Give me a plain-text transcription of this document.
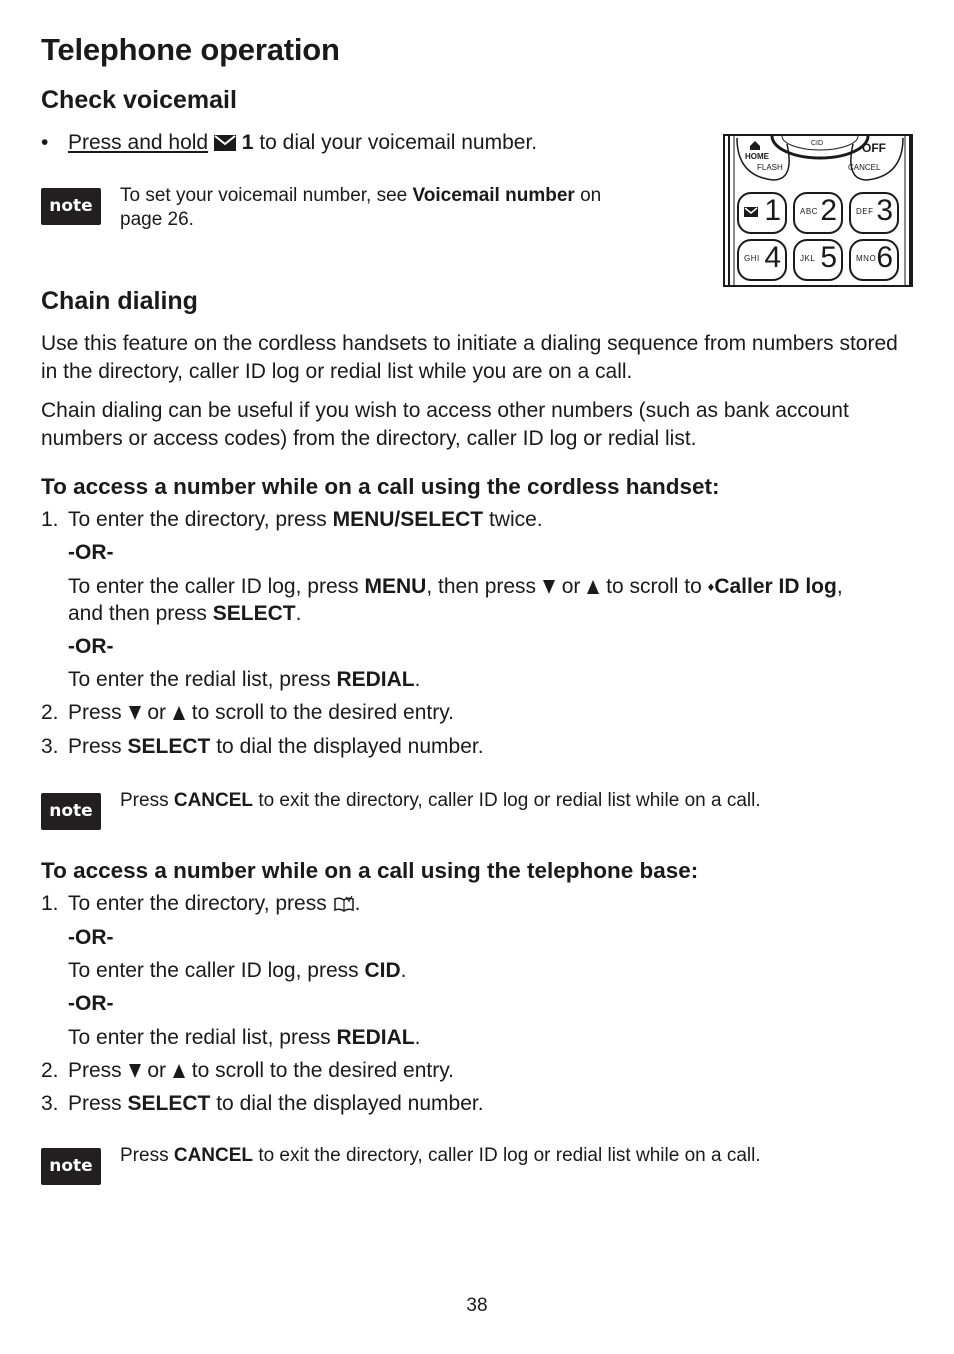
Telephone operation
Check voicemail
• Press and hold 1 to dial your voicemail number.
note	To set your voicemail number, see Voicemail number on
page 26.
HOME
FLASH
CID	OFF
CANCEL
1 ABC 2 DEF 3
GHI 4 JKL 5 MNO 6
Chain dialing
Use this feature on the cordless handsets to initiate a dialing sequence from numbers stored in the directory, caller ID log or redial list while you are on a call.
Chain dialing can be useful if you wish to access other numbers (such as bank account numbers or access codes) from the directory, caller ID log or redial list.
To access a number while on a call using the cordless handset:
1. To enter the directory, press MENU/SELECT twice.
-OR-
To enter the caller ID log, press MENU, then press or to scroll to ♦Caller ID log,
and then press SELECT.
-OR-
To enter the redial list, press REDIAL.
2. Press or to scroll to the desired entry.
3. Press SELECT to dial the displayed number.
note	Press CANCEL to exit the directory, caller ID log or redial list while on a call.
To access a number while on a call using the telephone base:
1. To enter the directory, press .
-OR-
To enter the caller ID log, press CID.
-OR-
To enter the redial list, press REDIAL.
2. Press or to scroll to the desired entry.
3. Press SELECT to dial the displayed number.
note	Press CANCEL to exit the directory, caller ID log or redial list while on a call.
38
